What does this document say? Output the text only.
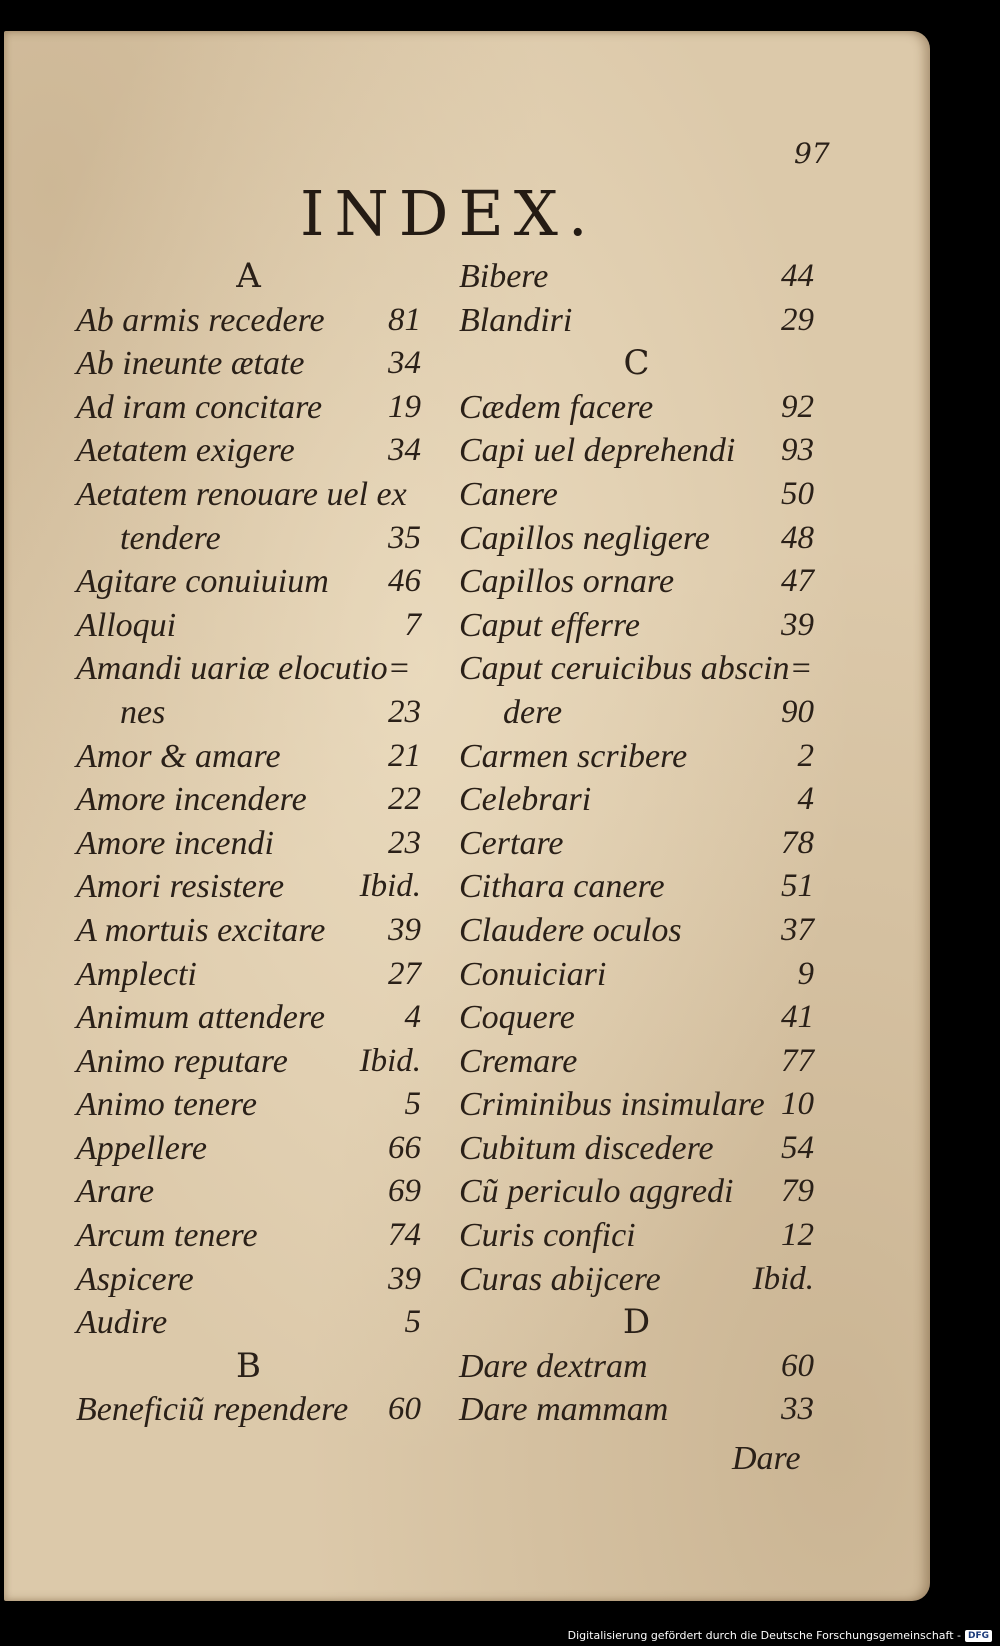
97
INDEX.
A
Ab armis recedere 81
Ab ineunte ætate	34
Ad iram concitare 19
Aetatem exigere	34
Aetatem renouare uel ex
tendere	35
Agitare conuiuium 46
Alloqui	7
Amandi uariæ elocutio=
nes	23
Amor & amare	21
Amore incendere 22
Amore incendi	23
Amori resistere Ibid.
A mortuis excitare 39
Amplecti	27
Animum attendere 4
Animo reputare Ibid.
Animo tenere	5
Appellere	66
Arare	69
Arcum tenere	74
Aspicere	39
Audire	5
B
Beneficiũ rependere 60
Bibere	44
Blandiri	29
C
Cædem facere	92
Capi uel deprehendi 93
Canere	50
Capillos negligere 48
Capillos ornare	47
Caput efferre	39
Caput ceruicibus abscin=
dere	90
Carmen scribere	2
Celebrari	4
Certare	78
Cithara canere	51
Claudere oculos	37
Conuiciari	9
Coquere	41
Cremare	77
Criminibus insimulare 10
Cubitum discedere 54
Cũ periculo aggredi 79
Curis confici	12
Curas abijcere	Ibid.
D
Dare dextram	60
Dare mammam	33
Dare
Digitalisierung gefördert durch die Deutsche Forschungsgemeinschaft - DFG
